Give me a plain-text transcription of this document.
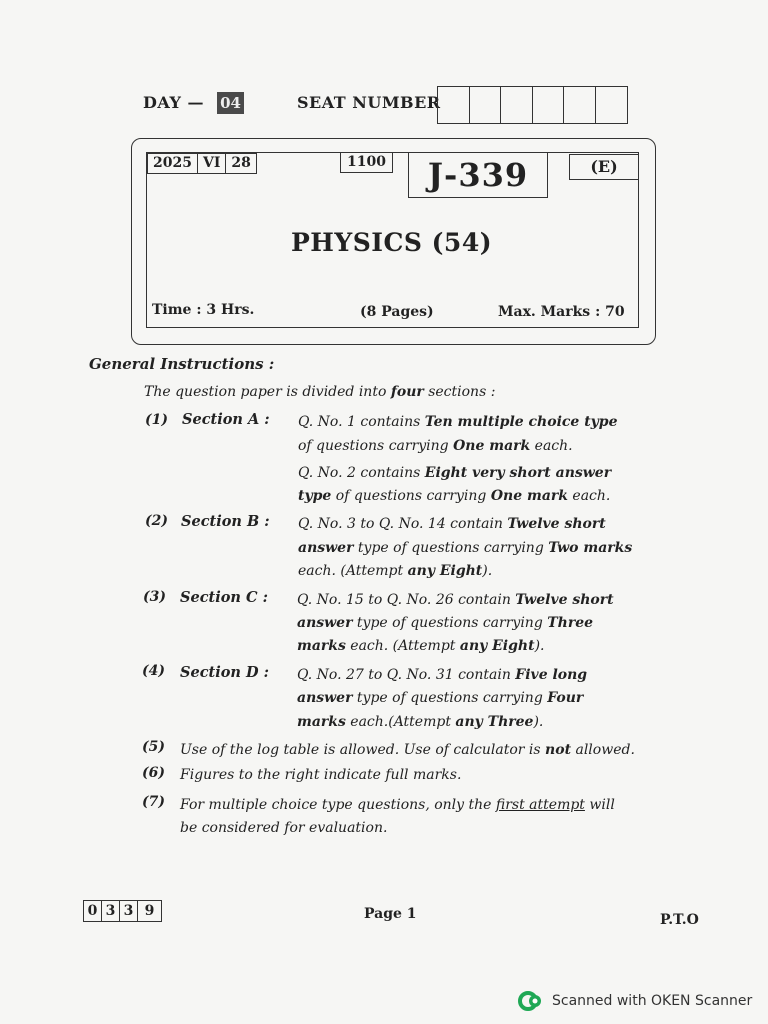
DAY — 04	SEAT NUMBER
2025 VI 28	1100	J-339	(E)
PHYSICS (54)
Time : 3 Hrs.	(8 Pages)	Max. Marks : 70
General Instructions :
The question paper is divided into four sections :
(1) Section A : Q. No. 1 contains Ten multiple choice type
of questions carrying One mark each.
Q. No. 2 contains Eight very short answer
type of questions carrying One mark each.
(2) Section B : Q. No. 3 to Q. No. 14 contain Twelve short
answer type of questions carrying Two marks
each. (Attempt any Eight).
(3) Section C : Q. No. 15 to Q. No. 26 contain Twelve short
answer type of questions carrying Three
marks each. (Attempt any Eight).
(4) Section D : Q. No. 27 to Q. No. 31 contain Five long
answer type of questions carrying Four
marks each.(Attempt any Three).
(5) Use of the log table is allowed. Use of calculator is not allowed.
(6) Figures to the right indicate full marks.
(7) For multiple choice type questions, only the first attempt will
be considered for evaluation.
0 3 3 9	Page 1	P.T.O
Scanned with OKEN Scanner
